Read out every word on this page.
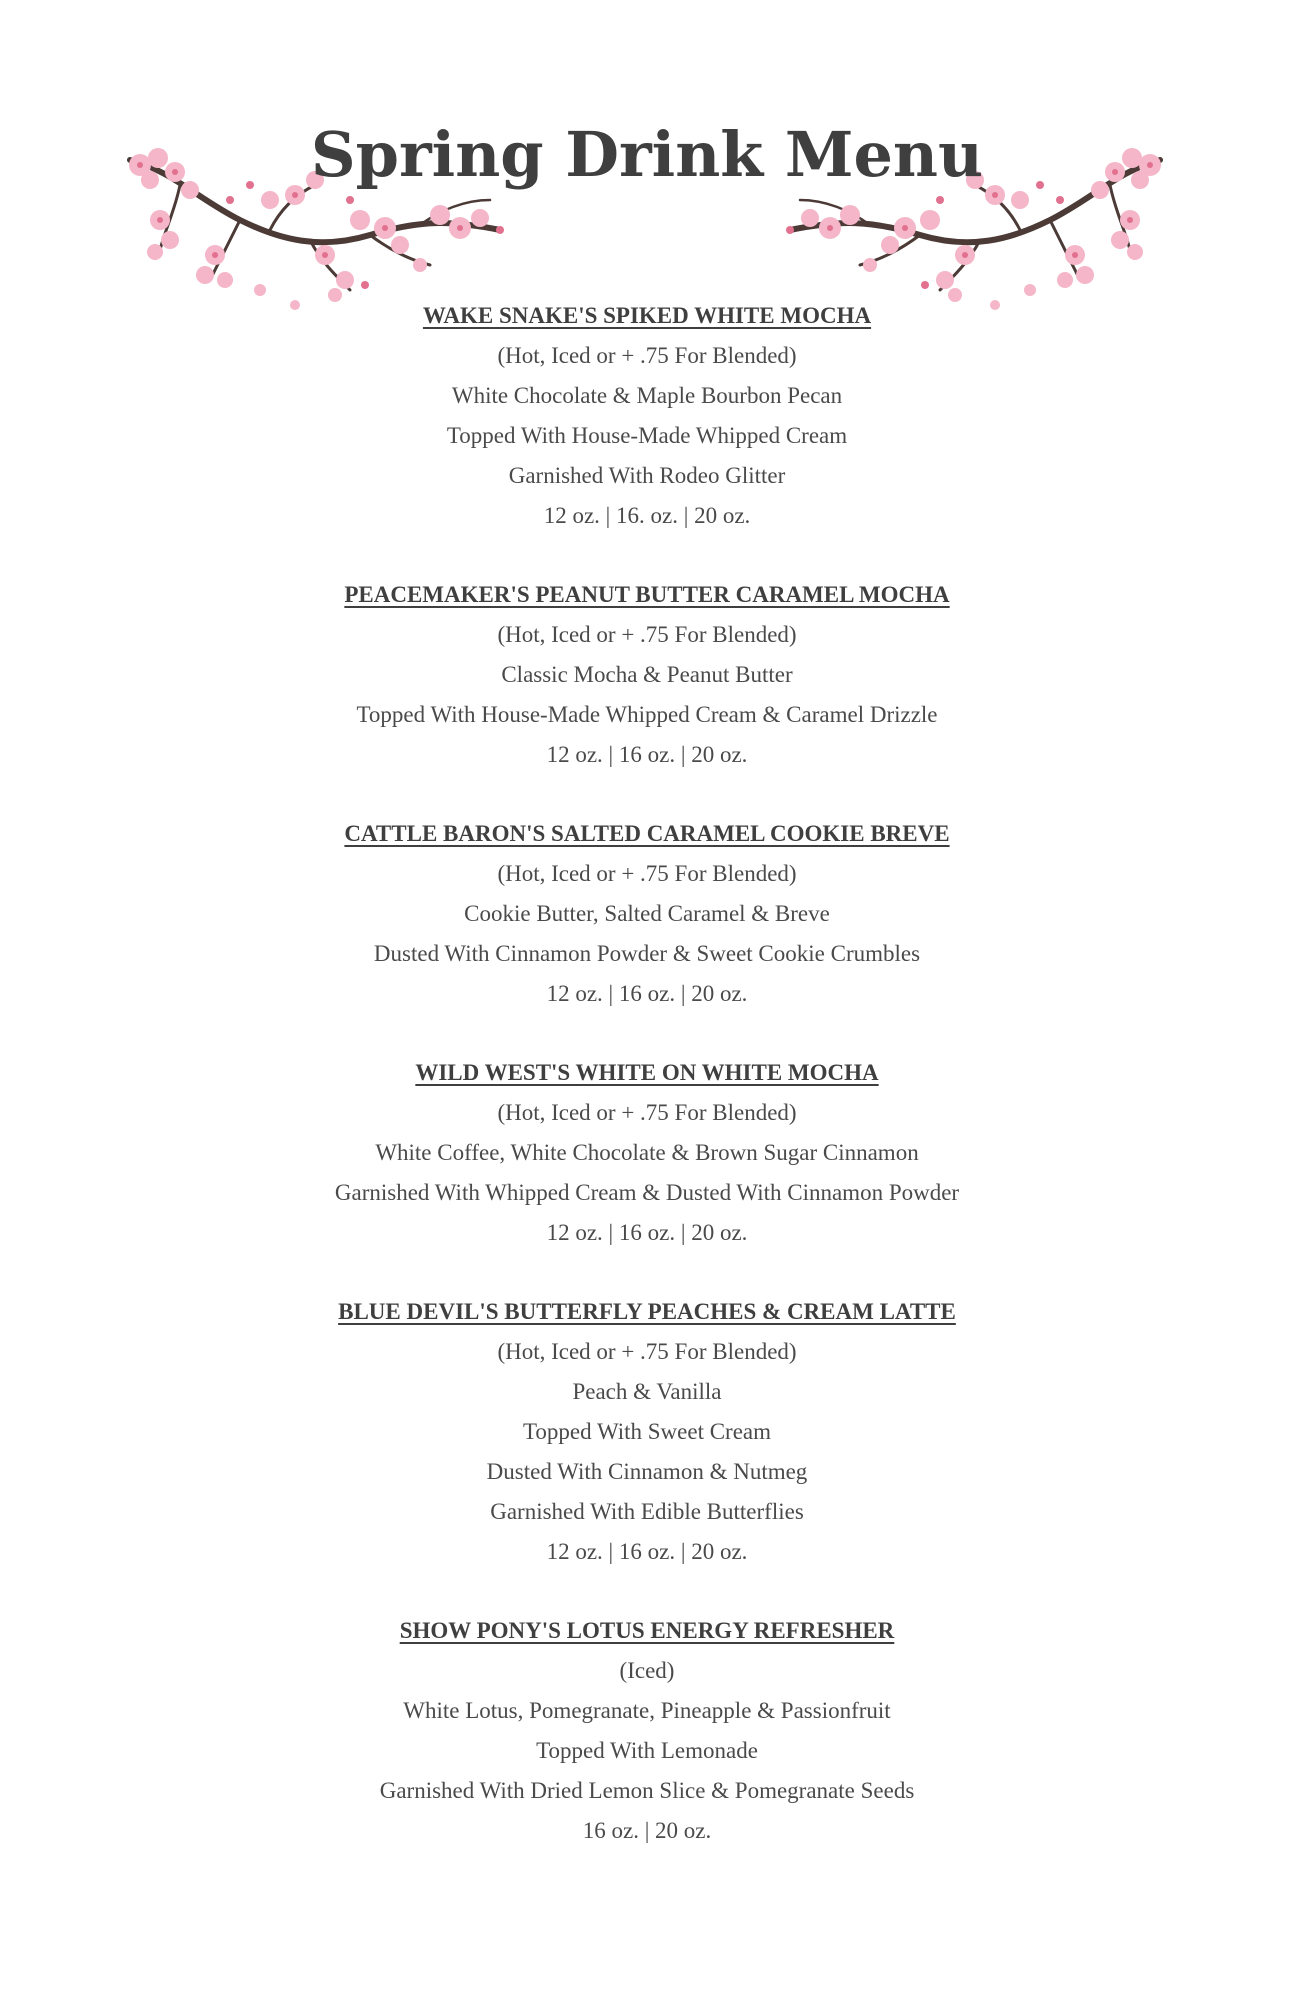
Spring Drink Menu
WAKE SNAKE'S SPIKED WHITE MOCHA
(Hot, Iced or + .75 For Blended)
White Chocolate & Maple Bourbon Pecan
Topped With House-Made Whipped Cream
Garnished With Rodeo Glitter
12 oz. | 16. oz. | 20 oz.
PEACEMAKER'S PEANUT BUTTER CARAMEL MOCHA
(Hot, Iced or + .75 For Blended)
Classic Mocha & Peanut Butter
Topped With House-Made Whipped Cream & Caramel Drizzle
12 oz. | 16 oz. | 20 oz.
CATTLE BARON'S SALTED CARAMEL COOKIE BREVE
(Hot, Iced or + .75 For Blended)
Cookie Butter, Salted Caramel & Breve
Dusted With Cinnamon Powder & Sweet Cookie Crumbles
12 oz. | 16 oz. | 20 oz.
WILD WEST'S WHITE ON WHITE MOCHA
(Hot, Iced or + .75 For Blended)
White Coffee, White Chocolate & Brown Sugar Cinnamon
Garnished With Whipped Cream & Dusted With Cinnamon Powder
12 oz. | 16 oz. | 20 oz.
BLUE DEVIL'S BUTTERFLY PEACHES & CREAM LATTE
(Hot, Iced or + .75 For Blended)
Peach & Vanilla
Topped With Sweet Cream
Dusted With Cinnamon & Nutmeg
Garnished With Edible Butterflies
12 oz. | 16 oz. | 20 oz.
SHOW PONY'S LOTUS ENERGY REFRESHER
(Iced)
White Lotus, Pomegranate, Pineapple & Passionfruit
Topped With Lemonade
Garnished With Dried Lemon Slice & Pomegranate Seeds
16 oz. | 20 oz.
